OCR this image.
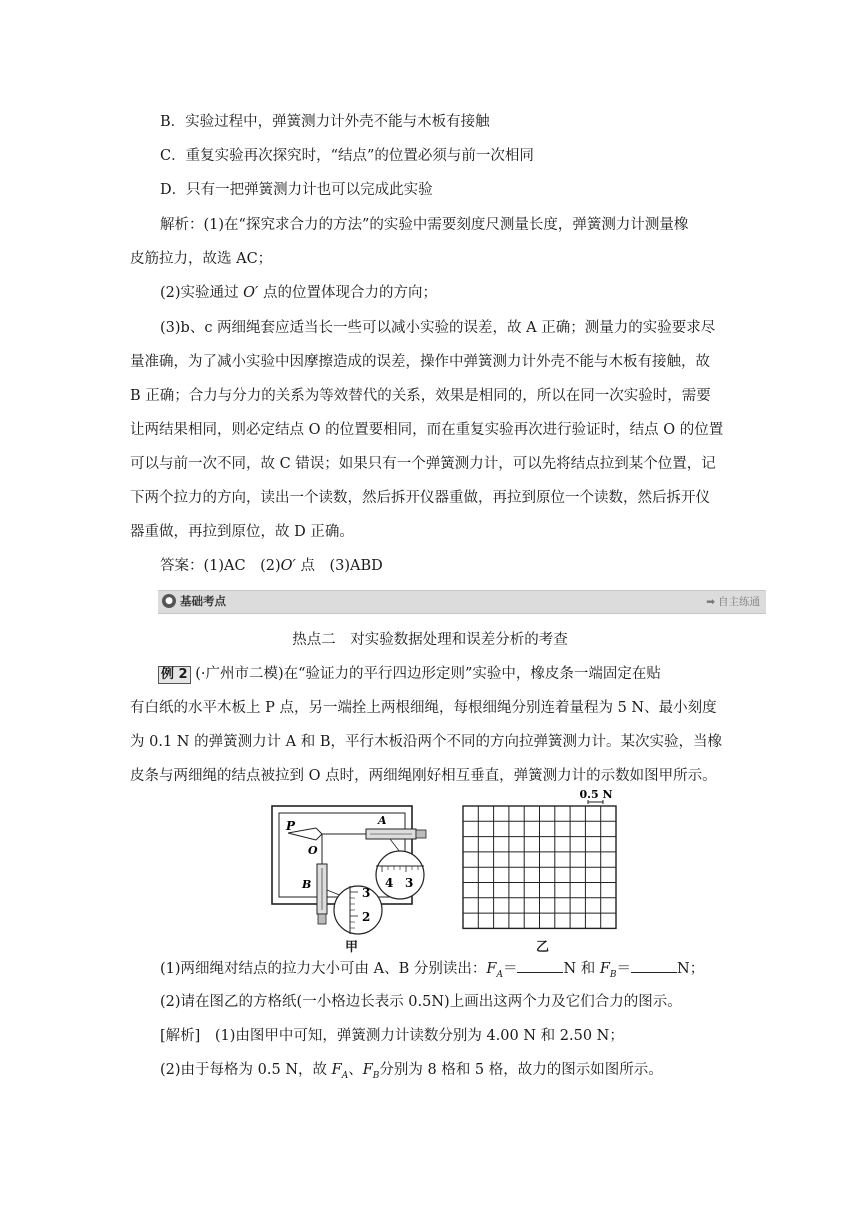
B．实验过程中，弹簧测力计外壳不能与木板有接触
C．重复实验再次探究时，“结点”的位置必须与前一次相同
D．只有一把弹簧测力计也可以完成此实验
解析：(1)在“探究求合力的方法”的实验中需要刻度尺测量长度，弹簧测力计测量橡
皮筋拉力，故选 AC；
(2)实验通过 O′ 点的位置体现合力的方向；
(3)b、c 两细绳套应适当长一些可以减小实验的误差，故 A 正确；测量力的实验要求尽
量准确，为了减小实验中因摩擦造成的误差，操作中弹簧测力计外壳不能与木板有接触，故
B 正确；合力与分力的关系为等效替代的关系，效果是相同的，所以在同一次实验时，需要
让两结果相同，则必定结点 O 的位置要相同，而在重复实验再次进行验证时，结点 O 的位置
可以与前一次不同，故 C 错误；如果只有一个弹簧测力计，可以先将结点拉到某个位置，记
下两个拉力的方向，读出一个读数，然后拆开仪器重做，再拉到原位一个读数，然后拆开仪
器重做，再拉到原位，故 D 正确。
答案：(1)AC　(2)O′ 点　(3)ABD
● 基础考点	➡ 自主练通
热点二　对实验数据处理和误差分析的考查
例 2 (·广州市二模)在“验证力的平行四边形定则”实验中，橡皮条一端固定在贴
有白纸的水平木板上 P 点，另一端拴上两根细绳，每根细绳分别连着量程为 5 N、最小刻度
为 0.1 N 的弹簧测力计 A 和 B，平行木板沿两个不同的方向拉弹簧测力计。某次实验，当橡
皮条与两细绳的结点被拉到 O 点时，两细绳刚好相互垂直，弹簧测力计的示数如图甲所示。
P
O
A
B	4 3
3
2
甲
0.5 N
乙
(1)两细绳对结点的拉力大小可由 A、B 分别读出：$F_A=$	N 和 $F_B=$	N；
(2)请在图乙的方格纸(一小格边长表示 0.5N)上画出这两个力及它们合力的图示。
[解析]　(1)由图甲中可知，弹簧测力计读数分别为 4.00 N 和 2.50 N；
(2)由于每格为 0.5 N，故 $F_A$、$F_B$分别为 8 格和 5 格，故力的图示如图所示。
